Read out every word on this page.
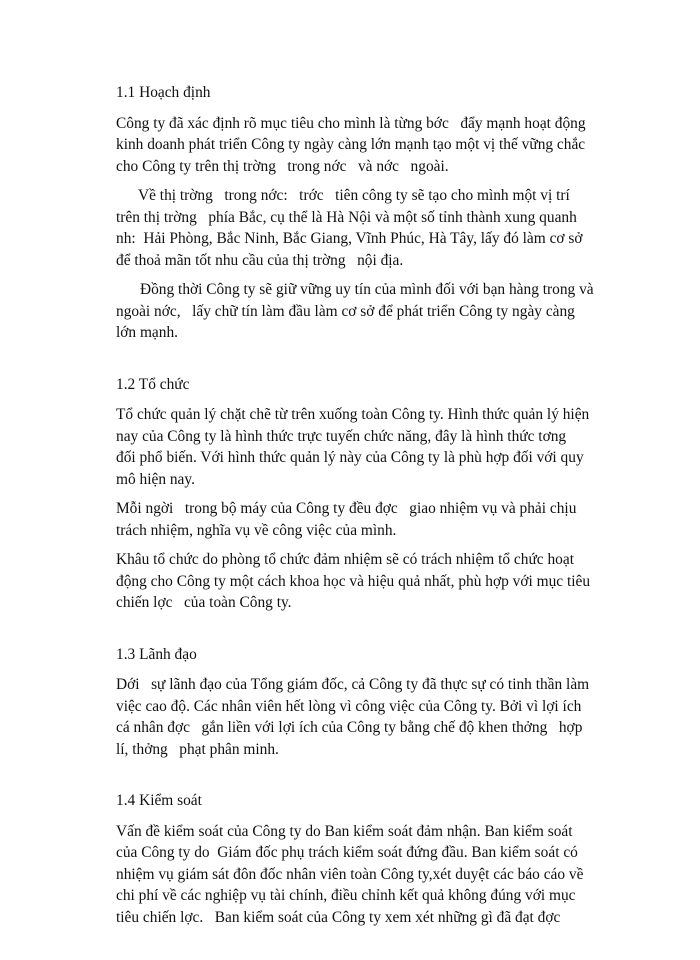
1.1 Hoạch định
Công ty đã xác định rõ mục tiêu cho mình là từng bớc   đẩy mạnh hoạt động
kinh doanh phát triển Công ty ngày càng lớn mạnh tạo một vị thế vững chắc
cho Công ty trên thị trờng   trong nớc   và nớc   ngoài.
Về thị trờng   trong nớc:   trớc   tiên công ty sẽ tạo cho mình một vị trí
trên thị trờng   phía Bắc, cụ thể là Hà Nội và một số tỉnh thành xung quanh
nh:  Hải Phòng, Bắc Ninh, Bắc Giang, Vĩnh Phúc, Hà Tây, lấy đó làm cơ sở
để thoả mãn tốt nhu cầu của thị trờng   nội địa.
Đồng thời Công ty sẽ giữ vững uy tín của mình đối với bạn hàng trong và
ngoài nớc,   lấy chữ tín làm đầu làm cơ sở để phát triển Công ty ngày càng
lớn mạnh.
1.2 Tổ chức
Tổ chức quản lý chặt chẽ từ trên xuống toàn Công ty. Hình thức quản lý hiện
nay của Công ty là hình thức trực tuyến chức năng, đây là hình thức tơng
đối phổ biến. Với hình thức quản lý này của Công ty là phù hợp đối với quy
mô hiện nay.
Mỗi ngời   trong bộ máy của Công ty đều đợc   giao nhiệm vụ và phải chịu
trách nhiệm, nghĩa vụ về công việc của mình.
Khâu tổ chức do phòng tổ chức đảm nhiệm sẽ có trách nhiệm tổ chức hoạt
động cho Công ty một cách khoa học và hiệu quả nhất, phù hợp với mục tiêu
chiến lợc   của toàn Công ty.
1.3 Lãnh đạo
Dới   sự lãnh đạo của Tổng giám đốc, cả Công ty đã thực sự có tinh thần làm
việc cao độ. Các nhân viên hết lòng vì công việc của Công ty. Bởi vì lợi ích
cá nhân đợc   gắn liền với lợi ích của Công ty bằng chế độ khen thởng   hợp
lí, thởng   phạt phân minh.
1.4 Kiểm soát
Vấn đề kiểm soát của Công ty do Ban kiểm soát đảm nhận. Ban kiểm soát
của Công ty do  Giám đốc phụ trách kiểm soát đứng đầu. Ban kiểm soát có
nhiệm vụ giám sát đôn đốc nhân viên toàn Công ty,xét duyệt các báo cáo về
chi phí về các nghiệp vụ tài chính, điều chỉnh kết quả không đúng với mục
tiêu chiến lợc.   Ban kiểm soát của Công ty xem xét những gì đã đạt đợc
